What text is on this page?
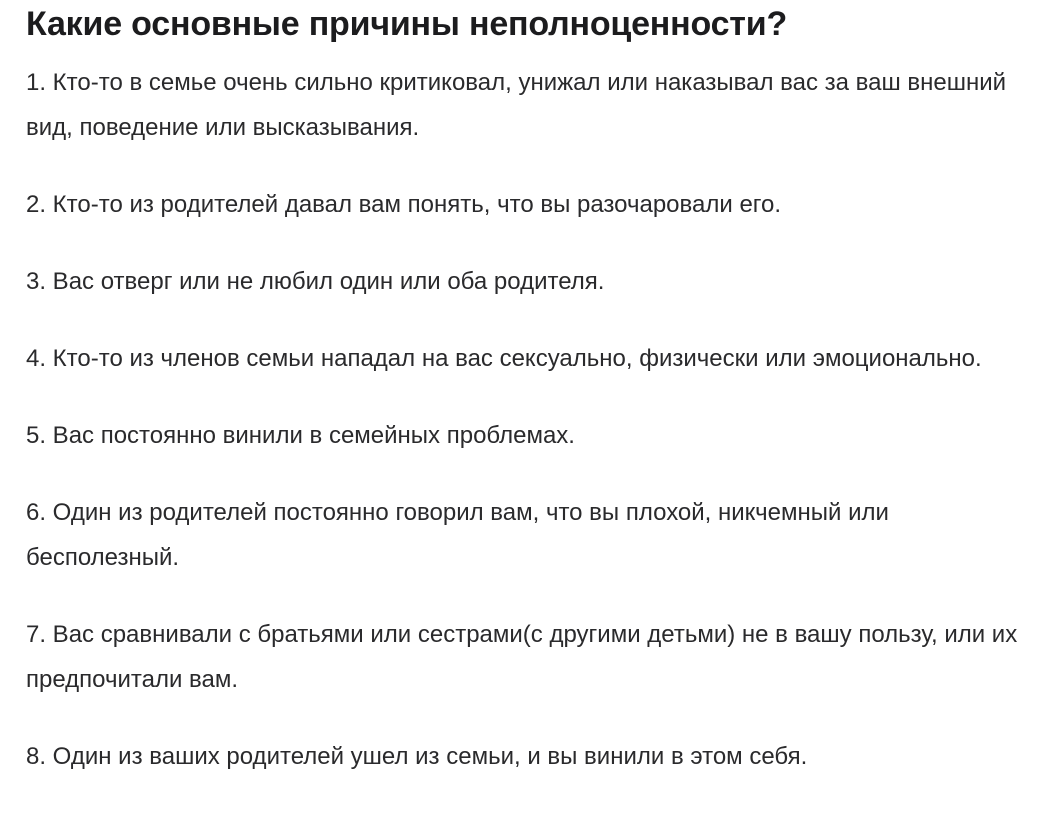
Какие основные причины неполноценности?
1. Кто-то в семье очень сильно критиковал, унижал или наказывал вас за ваш внешний вид, поведение или высказывания.
2. Кто-то из родителей давал вам понять, что вы разочаровали его.
3. Вас отверг или не любил один или оба родителя.
4. Кто-то из членов семьи нападал на вас сексуально, физически или эмоционально.
5. Вас постоянно винили в семейных проблемах.
6. Один из родителей постоянно говорил вам, что вы плохой, никчемный или бесполезный.
7. Вас сравнивали с братьями или сестрами(с другими детьми) не в вашу пользу, или их предпочитали вам.
8. Один из ваших родителей ушел из семьи, и вы винили в этом себя.
